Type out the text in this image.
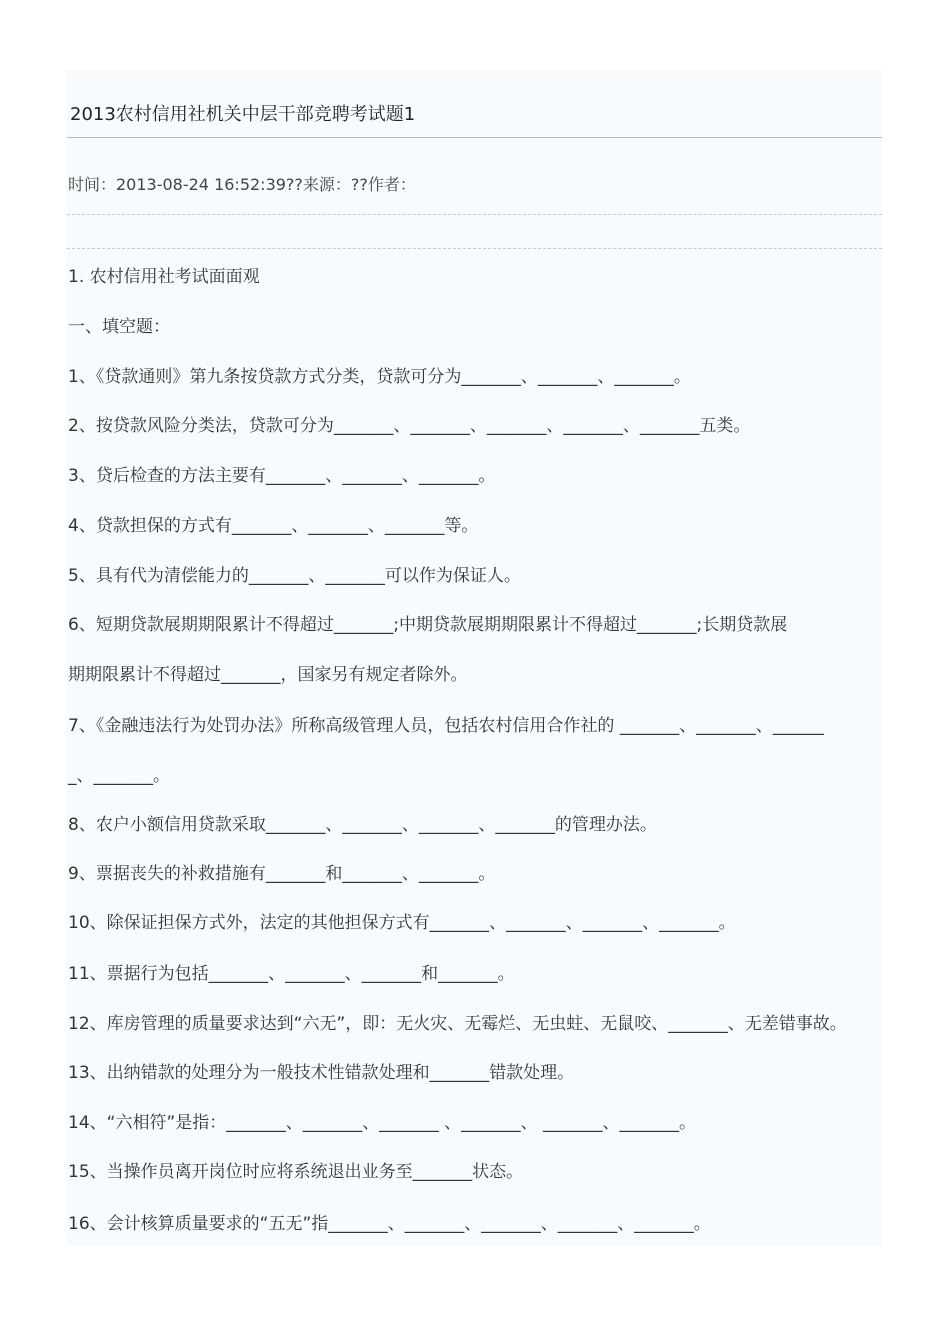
2013农村信用社机关中层干部竞聘考试题1
时间：2013-08-24 16:52:39??来源：??作者：
1. 农村信用社考试面面观
一、填空题：
1、《贷款通则》第九条按贷款方式分类，贷款可分为_______、_______、_______。
2、按贷款风险分类法，贷款可分为_______、_______、_______、_______、_______五类。
3、贷后检查的方法主要有_______、_______、_______。
4、贷款担保的方式有_______、_______、_______等。
5、具有代为清偿能力的_______、_______可以作为保证人。
6、短期贷款展期期限累计不得超过_______;中期贷款展期期限累计不得超过_______;长期贷款展
期期限累计不得超过_______，国家另有规定者除外。
7、《金融违法行为处罚办法》所称高级管理人员，包括农村信用合作社的 _______、_______、______
_、_______。
8、农户小额信用贷款采取_______、_______、_______、_______的管理办法。
9、票据丧失的补救措施有_______和_______、_______。
10、除保证担保方式外，法定的其他担保方式有_______、_______、_______、_______。
11、票据行为包括_______、_______、_______和_______。
12、库房管理的质量要求达到“六无”，即：无火灾、无霉烂、无虫蛀、无鼠咬、_______、无差错事故。
13、出纳错款的处理分为一般技术性错款处理和_______错款处理。
14、“六相符”是指：_______、_______、_______ 、_______、 _______、_______。
15、当操作员离开岗位时应将系统退出业务至_______状态。
16、会计核算质量要求的“五无”指_______、_______、_______、_______、_______。
